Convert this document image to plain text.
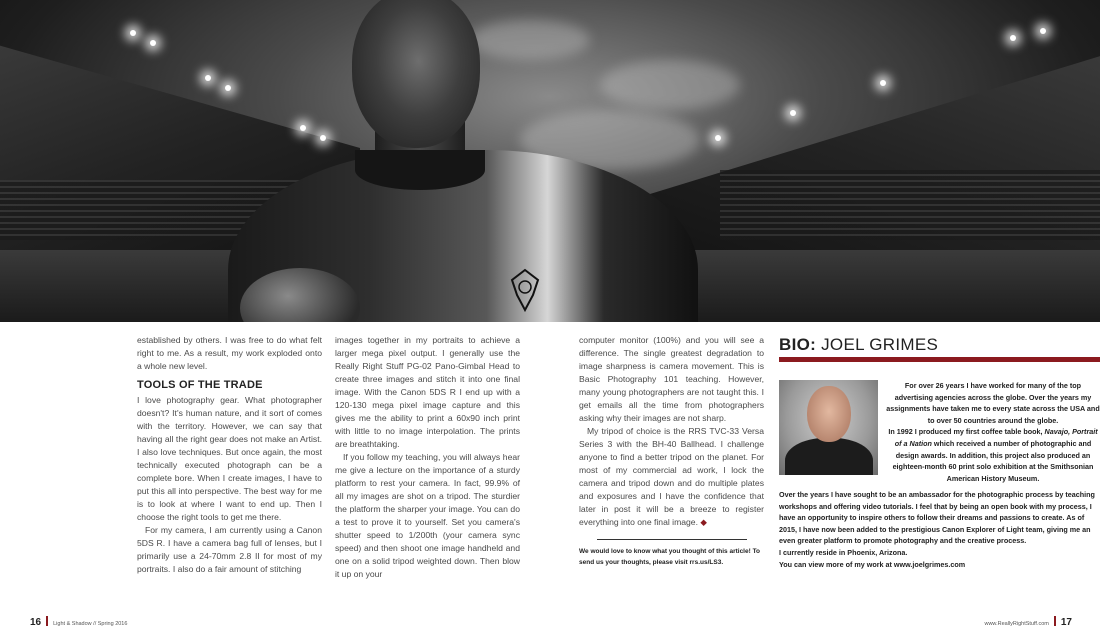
established by others. I was free to do what felt right to me. As a result, my work exploded onto a whole new level.

TOOLS OF THE TRADE

I love photography gear. What photographer doesn't? It's human nature, and it sort of comes with the territory. However, we can say that having all the right gear does not make an Artist. I also love techniques. But once again, the most technically executed photograph can be a complete bore. When I create images, I have to put this all into perspective. The best way for me is to look at where I want to end up. Then I choose the right tools to get me there.

For my camera, I am currently using a Canon 5DS R. I have a camera bag full of lenses, but I primarily use a 24-70mm 2.8 II for most of my portraits. I also do a fair amount of stitching

images together in my portraits to achieve a larger mega pixel output. I generally use the Really Right Stuff PG-02 Pano-Gimbal Head to create three images and stitch it into one final image. With the Canon 5DS R I end up with a 120-130 mega pixel image capture and this gives me the ability to print a 60x90 inch print with little to no image interpolation. The prints are breathtaking.

If you follow my teaching, you will always hear me give a lecture on the importance of a sturdy platform to rest your camera. In fact, 99.9% of all my images are shot on a tripod. The sturdier the platform the sharper your image. You can do a test to prove it to yourself. Set you camera's shutter speed to 1/200th (your camera sync speed) and then shoot one image handheld and one on a solid tripod weighted down. Then blow it up on your

computer monitor (100%) and you will see a difference. The single greatest degradation to image sharpness is camera movement. This is Basic Photography 101 teaching. However, many young photographers are not taught this. I get emails all the time from photographers asking why their images are not sharp.

My tripod of choice is the RRS TVC-33 Versa Series 3 with the BH-40 Ballhead. I challenge anyone to find a better tripod on the planet. For most of my commercial ad work, I lock the camera and tripod down and do multiple plates and exposures and I have the confidence that later in post it will be a breeze to register everything into one final image. ◆

We would love to know what you thought of this article! To send us your thoughts, please visit rrs.us/LS3.

BIO: JOEL GRIMES
For over 26 years I have worked for many of the top advertising agencies across the globe. Over the years my assignments have taken me to every state across the USA and to over 50 countries around the globe.
In 1992 I produced my first coffee table book, Navajo, Portrait of a Nation which received a number of photographic and design awards. In addition, this project also produced an eighteen-month 60 print solo exhibition at the Smithsonian American History Museum.
Over the years I have sought to be an ambassador for the photographic process by teaching workshops and offering video tutorials. I feel that by being an open book with my process, I have an opportunity to inspire others to follow their dreams and passions to create. As of 2015, I have now been added to the prestigious Canon Explorer of Light team, giving me an even greater platform to promote photography and the creative process.
I currently reside in Phoenix, Arizona.
You can view more of my work at www.joelgrimes.com
16 Light & Shadow // Spring 2016	www.ReallyRightStuff.com 17
